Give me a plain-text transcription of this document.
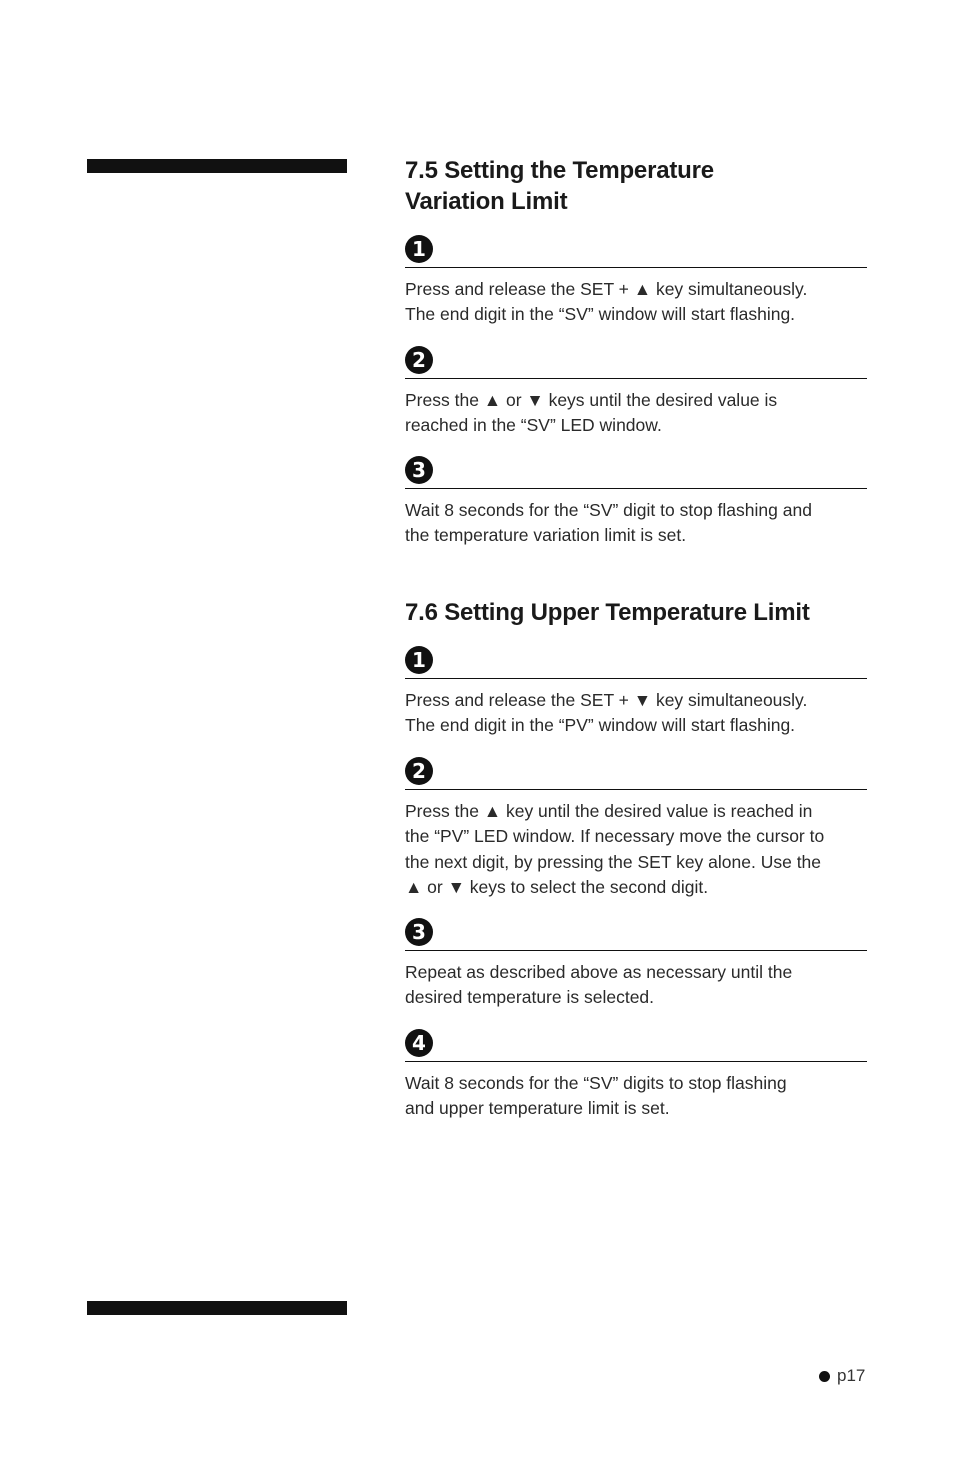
7.5 Setting the Temperature
Variation Limit
1

Press and release the SET + ▲ key simultaneously.
The end digit in the “SV” window will start flashing.

2

Press the ▲ or ▼ keys until the desired value is
reached in the “SV” LED window.

3

Wait 8 seconds for the “SV” digit to stop flashing and
the temperature variation limit is set.

7.6 Setting Upper Temperature Limit
1

Press and release the SET + ▼ key simultaneously.
The end digit in the “PV” window will start flashing.

2

Press the ▲ key until the desired value is reached in
the “PV” LED window. If necessary move the cursor to
the next digit, by pressing the SET key alone. Use the
▲ or ▼ keys to select the second digit.

3

Repeat as described above as necessary until the
desired temperature is selected.

4

Wait 8 seconds for the “SV” digits to stop flashing
and upper temperature limit is set.

p17
